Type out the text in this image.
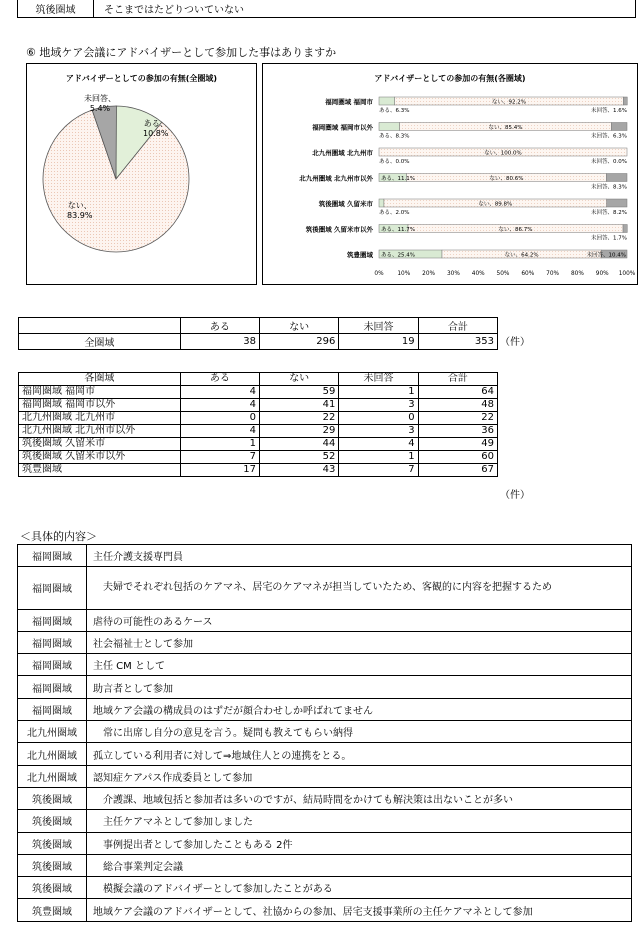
筑後圏域	そこまではたどりついていない
⑥ 地域ケア会議にアドバイザーとして参加した事はありますか
アドバイザーとしての参加の有無(全圏域)
未回答、
5.4%
ある、
10.8%
ない、
83.9%
アドバイザーとしての参加の有無(各圏域)
福岡圏域 福岡市
ある、6.3%
ない、92.2%
未回答、1.6%
福岡圏域 福岡市以外
ある、8.3%
ない、85.4%
未回答、6.3%
北九州圏域 北九州市
ある、0.0%
ない、100.0%
未回答、0.0%
北九州圏域 北九州市以外 ある、11.1%	ない、80.6%
未回答、8.3%
筑後圏域 久留米市
ある、2.0%
ない、89.8%
未回答、8.2%
筑後圏域 久留米市以外 ある、11.7%	ない、86.7%
未回答、1.7%
筑豊圏域 ある、25.4%	ない、64.2%	未回答、10.4%
0% 10% 20% 30% 40% 50% 60% 70% 80% 90% 100%
	ある	ない	未回答	合計
全圏域	38	296	19	353 （件）
各圏域	ある	ない	未回答	合計
福岡圏域 福岡市	4	59	1	64
福岡圏域 福岡市以外	4	41	3	48
北九州圏域 北九州市	0	22	0	22
北九州圏域 北九州市以外	4	29	3	36
筑後圏域 久留米市	1	44	4	49
筑後圏域 久留米市以外	7	52	1	60
筑豊圏域	17	43	7	67
（件）
＜具体的内容＞
福岡圏域	主任介護支援専門員
福岡圏域	夫婦でそれぞれ包括のケアマネ、居宅のケアマネが担当していたため、客観的に内容を把握するため
福岡圏域	虐待の可能性のあるケース
福岡圏域	社会福祉士として参加
福岡圏域	主任 CM として
福岡圏域	助言者として参加
福岡圏域	地域ケア会議の構成員のはずだが顔合わせしか呼ばれてません
北九州圏域	常に出席し自分の意見を言う。疑問も教えてもらい納得
北九州圏域	孤立している利用者に対して⇒地域住人との連携をとる。
北九州圏域	認知症ケアパス作成委員として参加
筑後圏域	介護課、地域包括と参加者は多いのですが、結局時間をかけても解決策は出ないことが多い
筑後圏域	主任ケアマネとして参加しました
筑後圏域	事例提出者として参加したこともある 2件
筑後圏域	総合事業判定会議
筑後圏域	模擬会議のアドバイザーとして参加したことがある
筑豊圏域	地域ケア会議のアドバイザーとして、社協からの参加、居宅支援事業所の主任ケアマネとして参加
